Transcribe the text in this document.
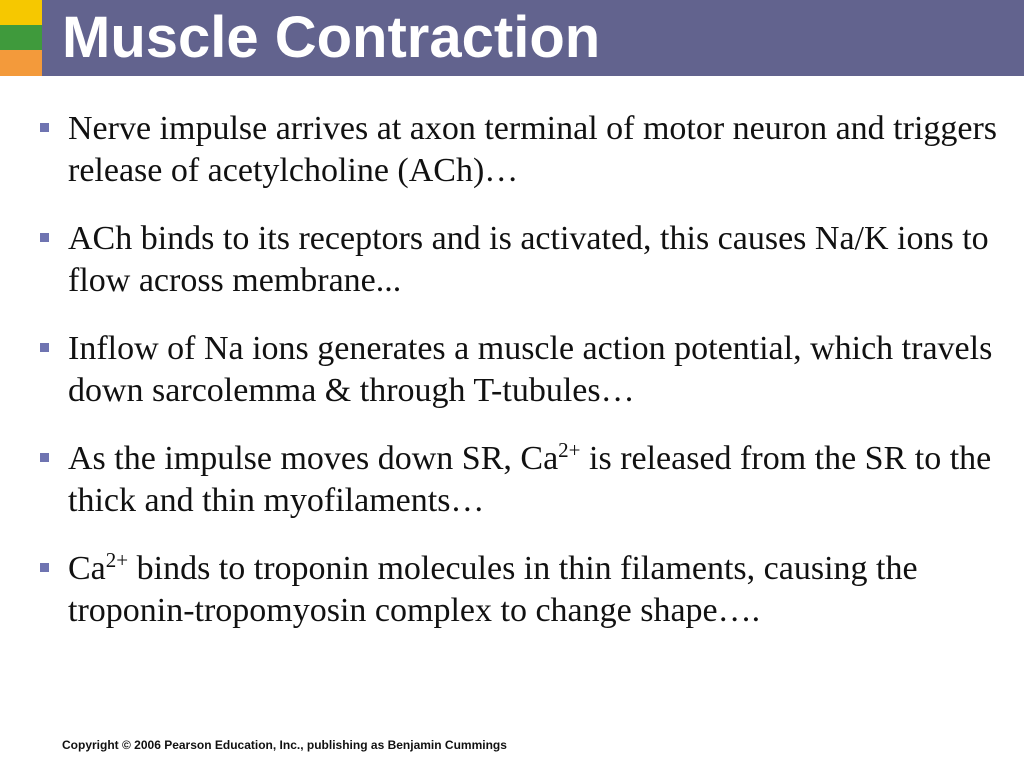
Muscle Contraction
Nerve impulse arrives at axon terminal of motor neuron and triggers release of acetylcholine (ACh)…
ACh binds to its receptors and is activated, this causes Na/K ions to flow across membrane...
Inflow of Na ions generates a muscle action potential, which travels down sarcolemma & through T-tubules…
As the impulse moves down SR, $Ca^{2+}$ is released from the SR to the thick and thin myofilaments…
$Ca^{2+}$ binds to troponin molecules in thin filaments, causing the troponin-tropomyosin complex to change shape….

Copyright © 2006 Pearson Education, Inc., publishing as Benjamin Cummings
